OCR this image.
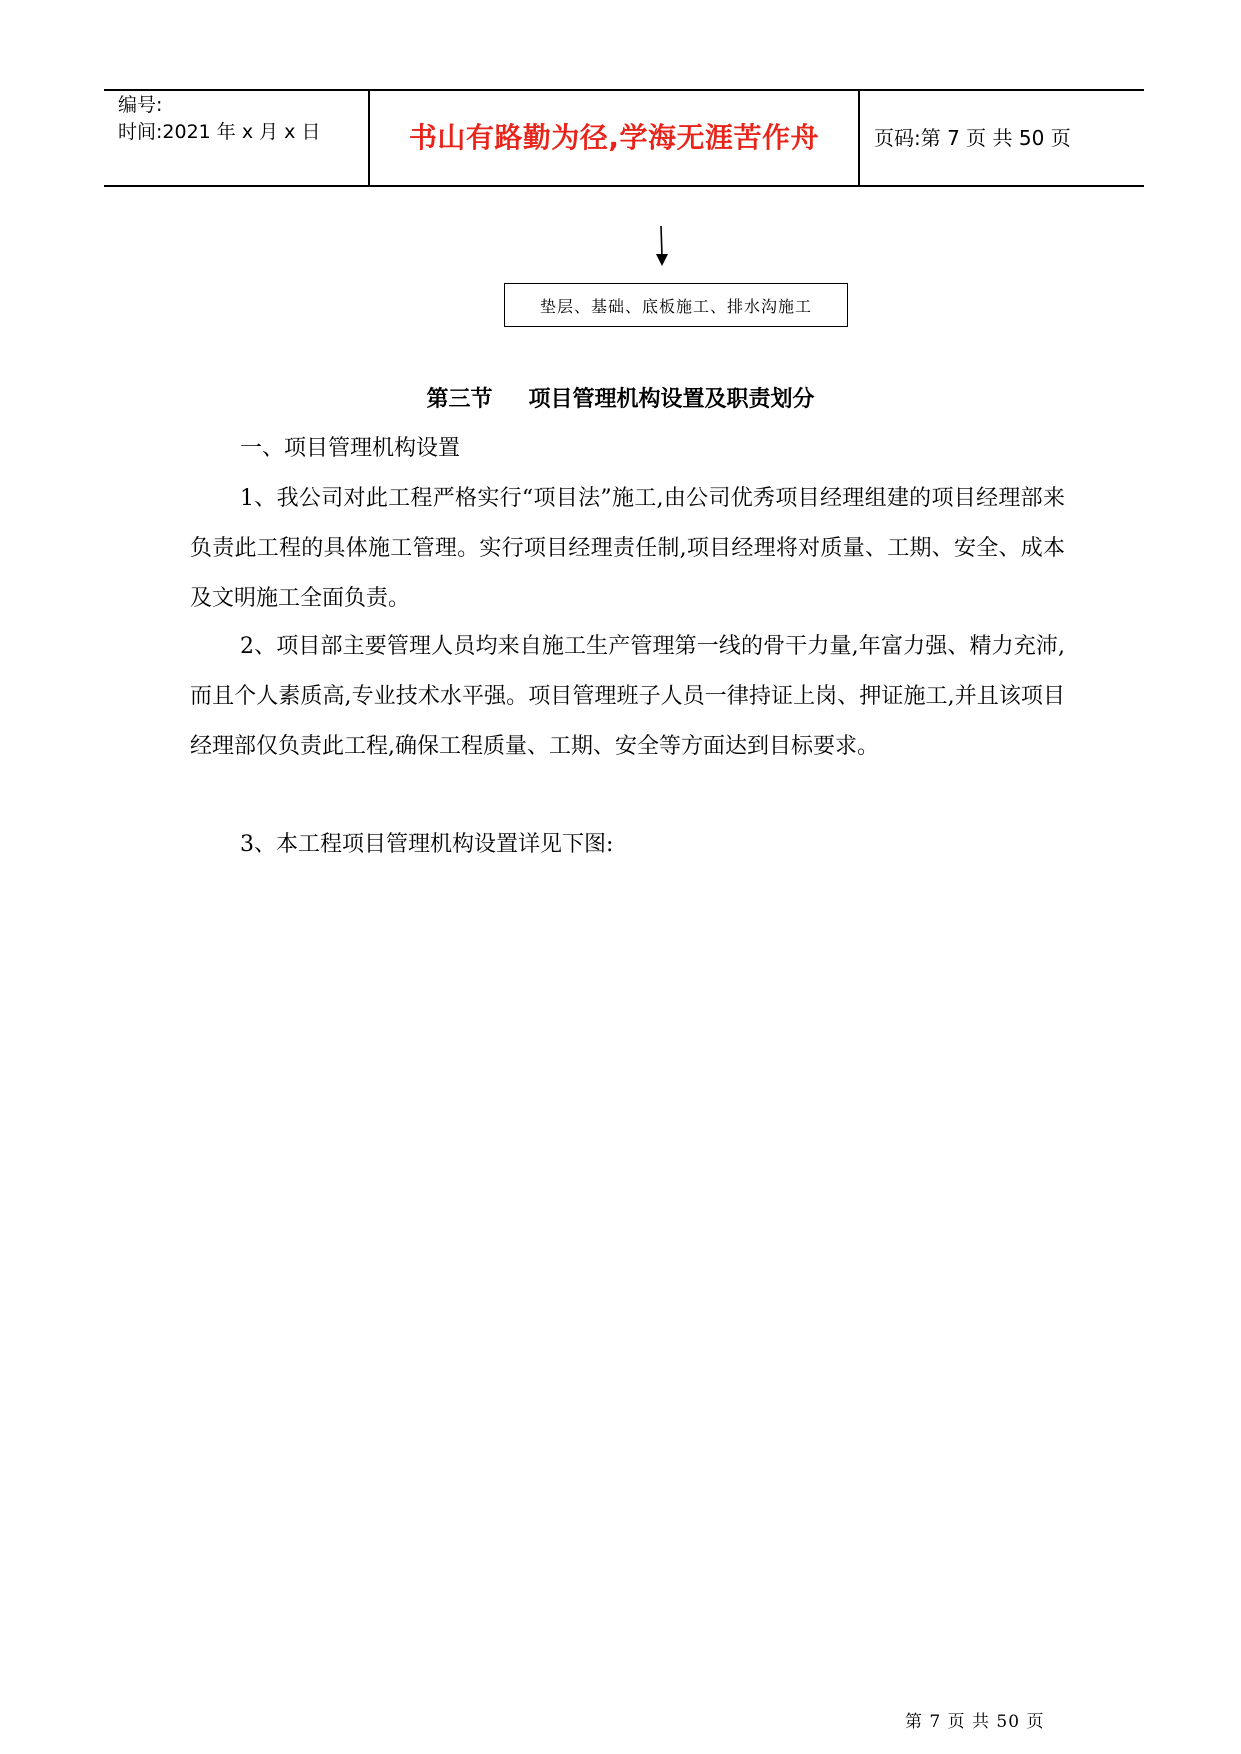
编号:
时间:2021 年 x 月 x 日	书山有路勤为径,学海无涯苦作舟	页码:第 7 页 共 50 页
垫层、基础、底板施工、排水沟施工
第三节 项目管理机构设置及职责划分
一、项目管理机构设置
1、我公司对此工程严格实行“项目法”施工,由公司优秀项目经理组建的项目经理部来负责此工程的具体施工管理。实行项目经理责任制,项目经理将对质量、工期、安全、成本及文明施工全面负责。
2、项目部主要管理人员均来自施工生产管理第一线的骨干力量,年富力强、精力充沛,而且个人素质高,专业技术水平强。项目管理班子人员一律持证上岗、押证施工,并且该项目经理部仅负责此工程,确保工程质量、工期、安全等方面达到目标要求。
3、本工程项目管理机构设置详见下图:
第 7 页 共 50 页
